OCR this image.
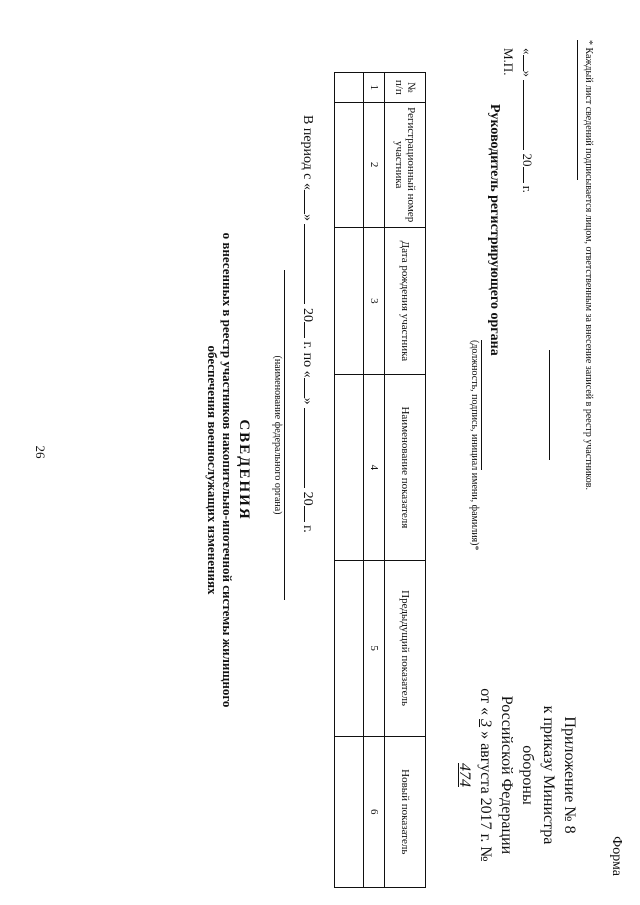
26
Приложение № 8
к приказу Министра обороны
Российской Федерации
от « 3 » августа 2017 г. № 474
Форма
СВЕДЕНИЯ
о внесенных в реестр участников накопительно-ипотечной системы жилищного
обеспечения военнослужащих изменениях	(наименование федерального органа)
В период с «»  20 г. по «»  20 г.
№ п/п	Регистрационный номер участника	Дата рождения участника	Наименование показателя	Предыдущий показатель	Новый показатель
1	2	3	4	5	6

Руководитель регистрирующего органа
(должность, подпись, инициал имени, фамилия)*
«»  20 г.
М.П.	* Каждый лист сведений подписывается лицом, ответственным за внесение записей в реестр участников.
